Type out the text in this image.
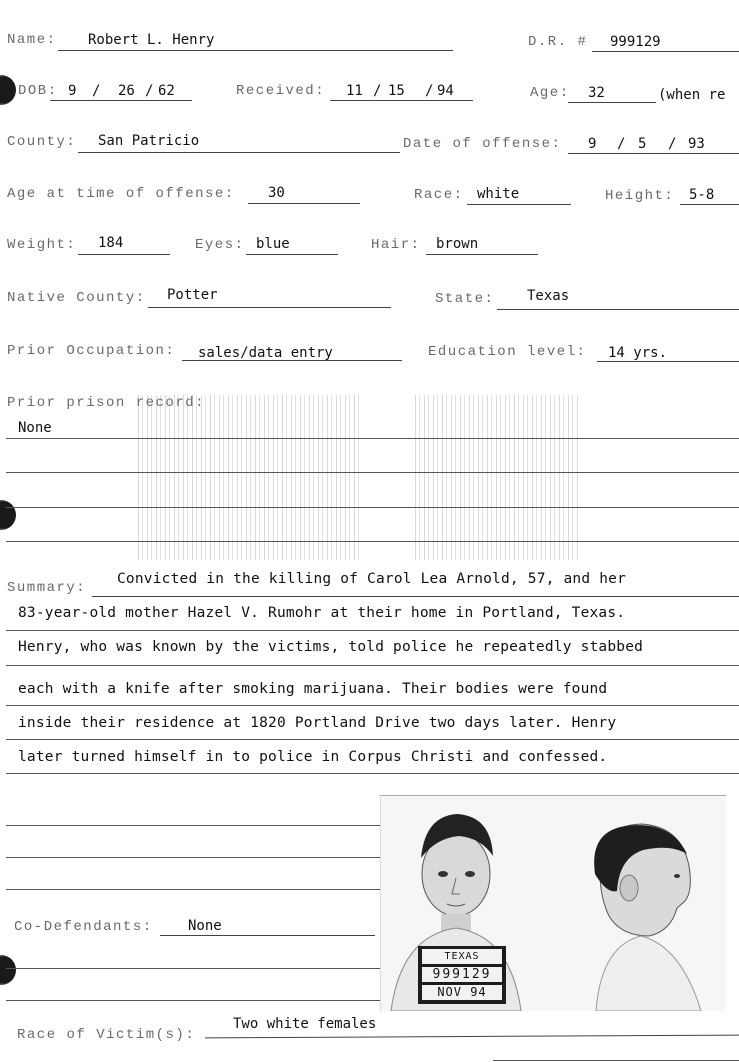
Name: Robert L. Henry	D.R. # 999129
DOB: 9 / 26 / 62	Received: 11 / 15 / 94	Age: 32	(when re
County: San Patricio	Date of offense: 9 / 5 / 93
Age at time of offense: 30	Race: white	Height: 5-8
Weight: 184	Eyes: blue	Hair: brown
Native County: Potter	State: Texas
Prior Occupation: sales/data entry	Education level: 14 yrs.
Prior prison record:
None
Summary:
Convicted in the killing of Carol Lea Arnold, 57, and her
83-year-old mother Hazel V. Rumohr at their home in Portland, Texas.
Henry, who was known by the victims, told police he repeatedly stabbed
each with a knife after smoking marijuana. Their bodies were found
inside their residence at 1820 Portland Drive two days later. Henry
later turned himself in to police in Corpus Christi and confessed.
Co-Defendants:	None
Race of Victim(s):
Two white females
TEXAS
999129
NOV 94
